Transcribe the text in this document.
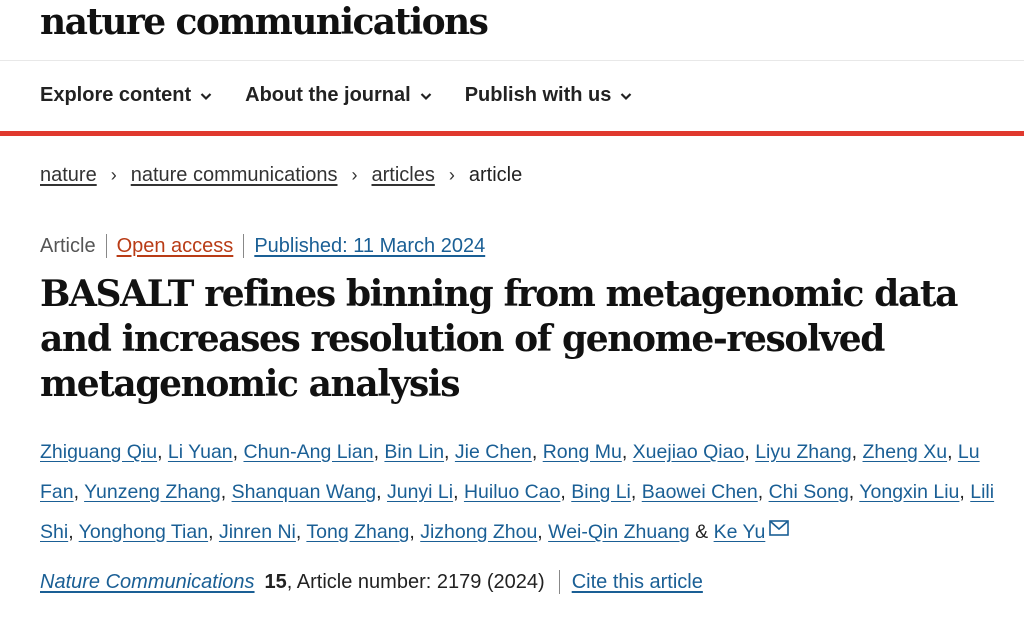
nature communications
Explore content	About the journal	Publish with us
nature › nature communications › articles › article
Article Open access Published: 11 March 2024
BASALT refines binning from metagenomic data and increases resolution of genome-resolved metagenomic analysis
Zhiguang Qiu, Li Yuan, Chun-Ang Lian, Bin Lin, Jie Chen, Rong Mu, Xuejiao Qiao, Liyu Zhang, Zheng Xu, Lu Fan, Yunzeng Zhang, Shanquan Wang, Junyi Li, Huiluo Cao, Bing Li, Baowei Chen, Chi Song, Yongxin Liu, Lili Shi, Yonghong Tian, Jinren Ni, Tong Zhang, Jizhong Zhou, Wei-Qin Zhuang & Ke Yu
Nature Communications 15 , Article number: 2179 (2024) Cite this article
